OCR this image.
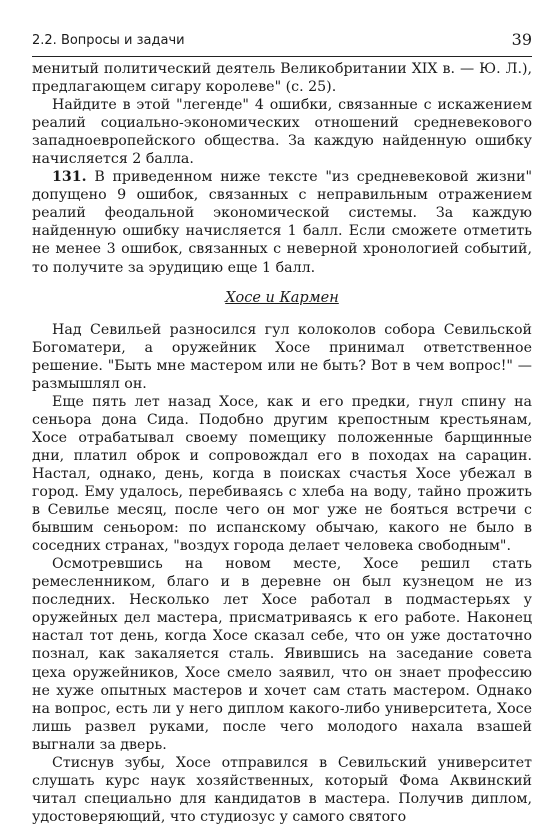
2.2. Вопросы и задачи	39

менитый политический деятель Великобритании XIX в. — Ю. Л.), предлагающем сигару королеве" (с. 25).

Найдите в этой "легенде" 4 ошибки, связанные с искажением реалий социально-экономических отношений средневекового западноевропейского общества. За каждую найденную ошибку начисляется 2 балла.

131. В приведенном ниже тексте "из средневековой жизни" допущено 9 ошибок, связанных с неправильным отражением реалий феодальной экономической системы. За каждую найденную ошибку начисляется 1 балл. Если сможете отметить не менее 3 ошибок, связанных с неверной хронологией событий, то получите за эрудицию еще 1 балл.

Хосе и Кармен

Над Севильей разносился гул колоколов собора Севильской Богоматери, а оружейник Хосе принимал ответственное решение. "Быть мне мастером или не быть? Вот в чем вопрос!" — размышлял он.

Еще пять лет назад Хосе, как и его предки, гнул спину на сеньора дона Сида. Подобно другим крепостным крестьянам, Хосе отрабатывал своему помещику положенные барщинные дни, платил оброк и сопровождал его в походах на сарацин. Настал, однако, день, когда в поисках счастья Хосе убежал в город. Ему удалось, перебиваясь с хлеба на воду, тайно прожить в Севилье месяц, после чего он мог уже не бояться встречи с бывшим сеньором: по испанскому обычаю, какого не было в соседних странах, "воздух города делает человека свободным".

Осмотревшись на новом месте, Хосе решил стать ремесленником, благо и в деревне он был кузнецом не из последних. Несколько лет Хосе работал в подмастерьях у оружейных дел мастера, присматриваясь к его работе. Наконец настал тот день, когда Хосе сказал себе, что он уже достаточно познал, как закаляется сталь. Явившись на заседание совета цеха оружейников, Хосе смело заявил, что он знает профессию не хуже опытных мастеров и хочет сам стать мастером. Однако на вопрос, есть ли у него диплом какого-либо университета, Хосе лишь развел руками, после чего молодого нахала взашей выгнали за дверь.

Стиснув зубы, Хосе отправился в Севильский университет слушать курс наук хозяйственных, который Фома Аквинский читал специально для кандидатов в мастера. Получив диплом, удостоверяющий, что студиозус у самого святого
